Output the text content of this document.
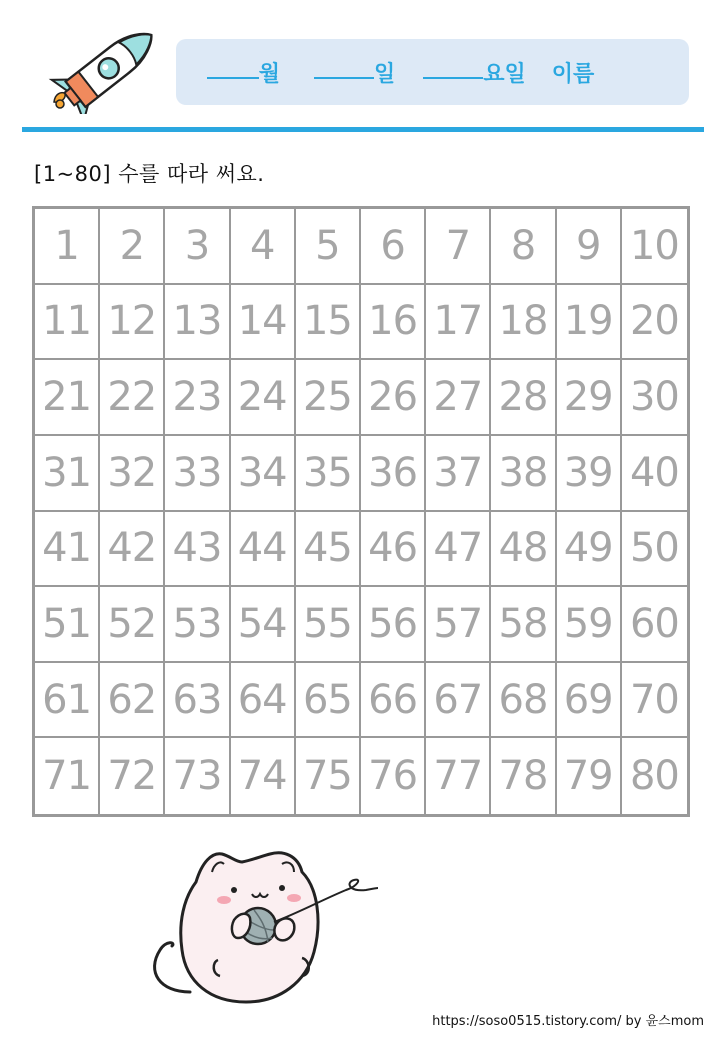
월	일	요일 이름
[1~80] 수를 따라 써요.
1	2	3	4	5	6	7	8	9 10
11 12 13 14 15 16 17 18 19 20
21 22 23 24 25 26 27 28 29 30
31 32 33 34 35 36 37 38 39 40
41 42 43 44 45 46 47 48 49 50
51 52 53 54 55 56 57 58 59 60
61 62 63 64 65 66 67 68 69 70
71 72 73 74 75 76 77 78 79 80
https://soso0515.tistory.com/ by 윤스mom
